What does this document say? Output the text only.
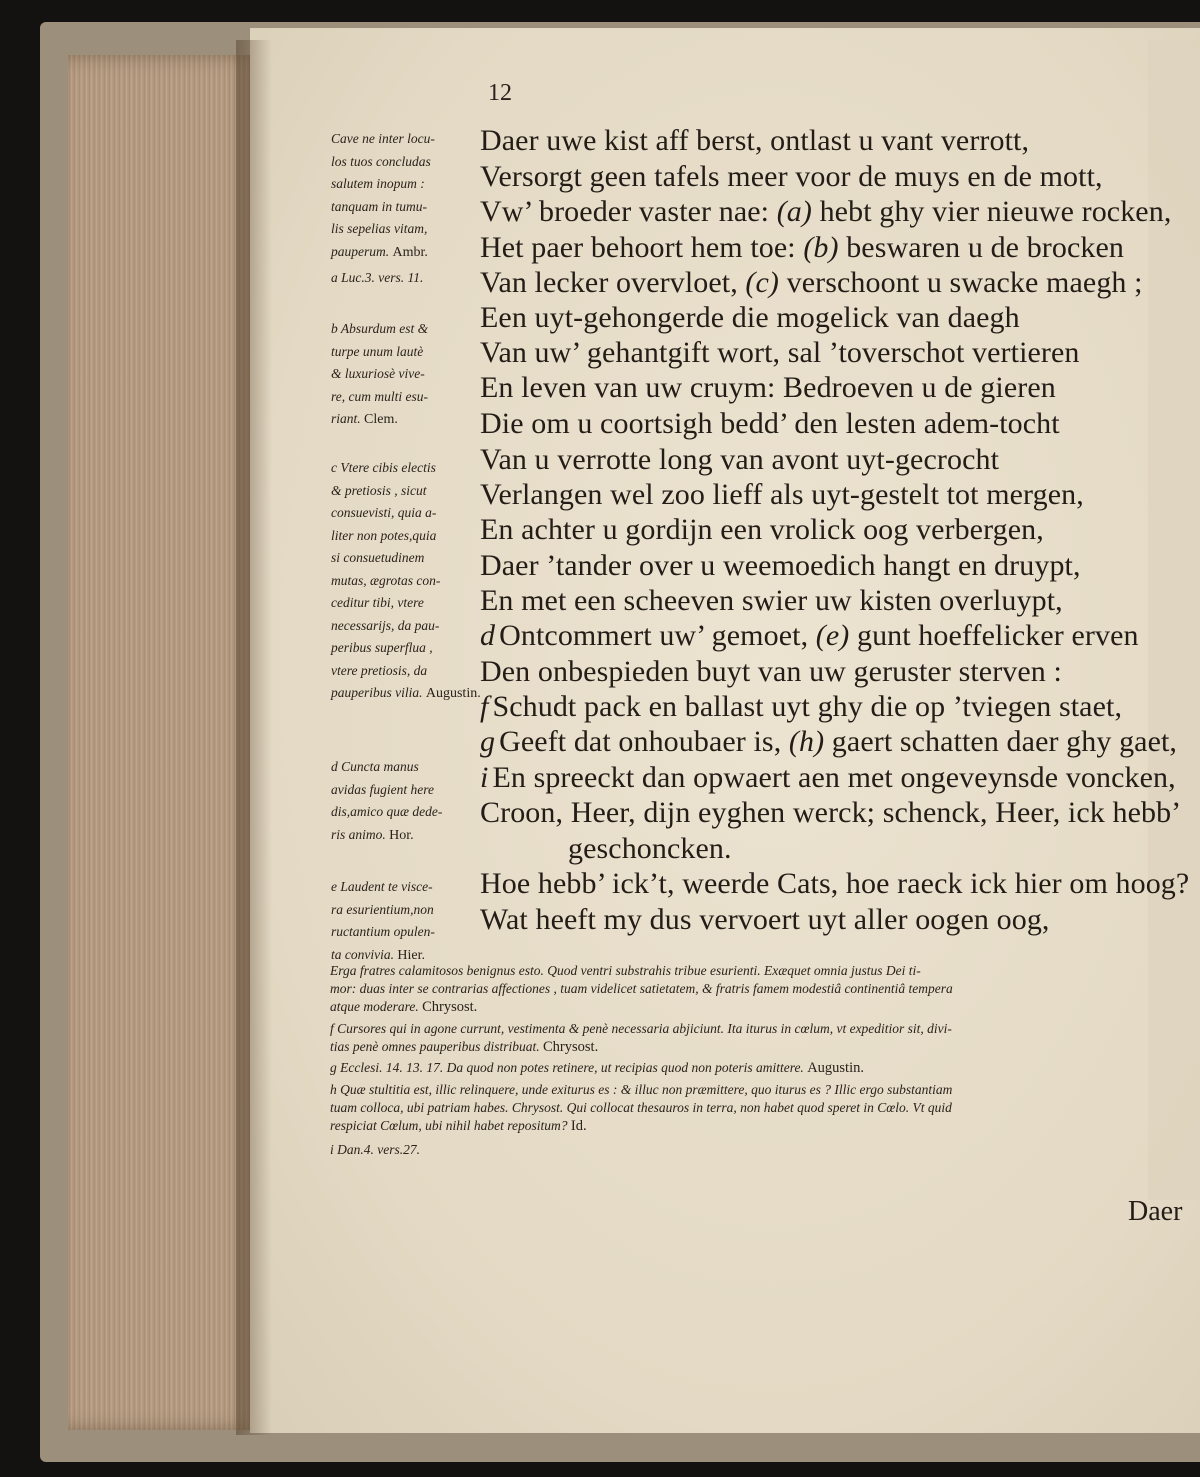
12
Daer uwe kist aff berst, ontlast u vant verrott,
Versorgt geen tafels meer voor de muys en de mott,
Vw’ broeder vaster nae: (a) hebt ghy vier nieuwe rocken,
Het paer behoort hem toe: (b) beswaren u de brocken
Van lecker overvloet, (c) verschoont u swacke maegh ;
Een uyt-gehongerde die mogelick van daegh
Van uw’ gehantgift wort, sal ’toverschot vertieren
En leven van uw cruym: Bedroeven u de gieren
Die om u coortsigh bedd’ den lesten adem-tocht
Van u verrotte long van avont uyt-gecrocht
Verlangen wel zoo lieff als uyt-gestelt tot mergen,
En achter u gordijn een vrolick oog verbergen,
Daer ’tander over u weemoedich hangt en druypt,
En met een scheeven swier uw kisten overluypt,
d Ontcommert uw’ gemoet, (e) gunt hoeffelicker erven
Den onbespieden buyt van uw geruster sterven :
f Schudt pack en ballast uyt ghy die op ’tviegen staet,
g Geeft dat onhoubaer is, (h) gaert schatten daer ghy gaet,
i En spreeckt dan opwaert aen met ongeveynsde voncken,
Croon, Heer, dijn eyghen werck; schenck, Heer, ick hebb’
geschoncken.
Hoe hebb’ ick’t, weerde Cats, hoe raeck ick hier om hoog?
Wat heeft my dus vervoert uyt aller oogen oog,
Cave ne inter locu-
los tuos concludas
salutem inopum :
tanquam in tumu-
lis sepelias vitam,
pauperum. Ambr.
a Luc.3. vers. 11.
b Absurdum est &
turpe unum lautè
& luxuriosè vive-
re, cum multi esu-
riant. Clem.
c Vtere cibis electis
& pretiosis , sicut
consuevisti, quia a-
liter non potes,quia
si consuetudinem
mutas, ægrotas con-
ceditur tibi, vtere
necessarijs, da pau-
peribus superflua ,
vtere pretiosis, da
pauperibus vilia. Augustin.
d Cuncta manus
avidas fugient here
dis,amico quæ dede-
ris animo. Hor.
e Laudent te visce-
ra esurientium,non
ructantium opulen-
ta convivia. Hier.
Erga fratres calamitosos benignus esto. Quod ventri substrahis tribue esurienti. Exæquet omnia justus Dei ti-
mor: duas inter se contrarias affectiones , tuam videlicet satietatem, & fratris famem modestiâ continentiâ tempera
atque moderare. Chrysost.
f Cursores qui in agone currunt, vestimenta & penè necessaria abjiciunt. Ita iturus in cœlum, vt expeditior sit, divi-
tias penè omnes pauperibus distribuat. Chrysost.
g Ecclesi. 14. 13. 17. Da quod non potes retinere, ut recipias quod non poteris amittere. Augustin.
h Quæ stultitia est, illic relinquere, unde exiturus es : & illuc non præmittere, quo iturus es ? Illic ergo substantiam
tuam colloca, ubi patriam habes. Chrysost. Qui collocat thesauros in terra, non habet quod speret in Cœlo. Vt quid
respiciat Cœlum, ubi nihil habet repositum? Id.
i Dan.4. vers.27.
Daer
